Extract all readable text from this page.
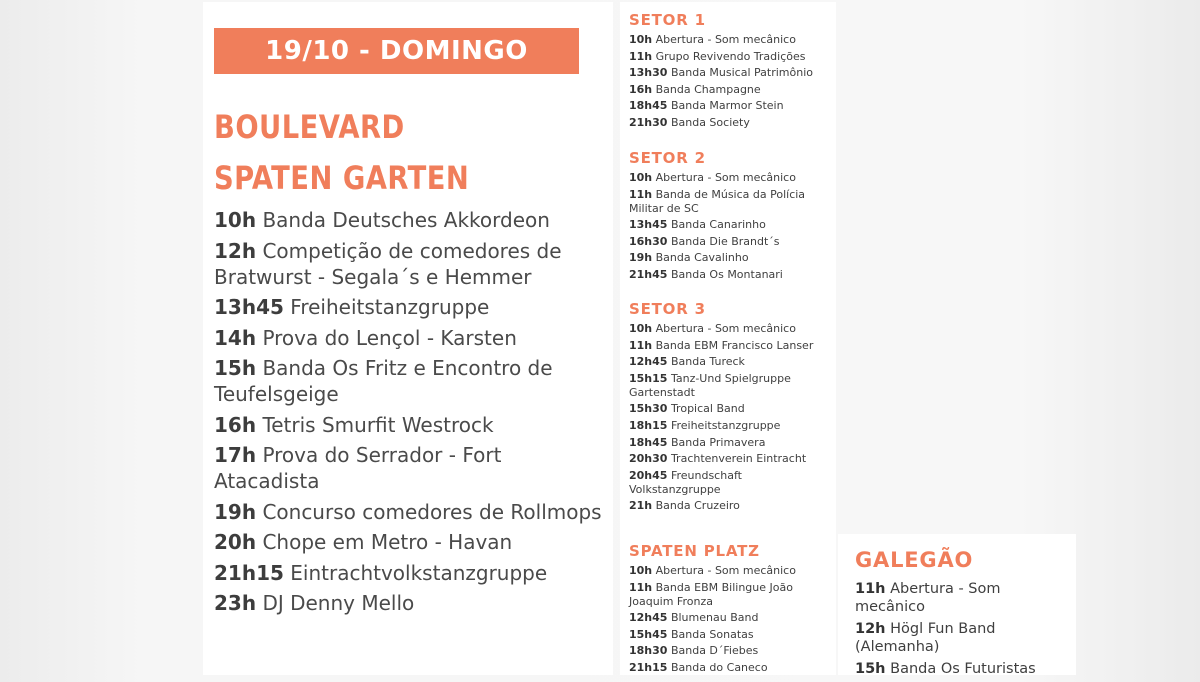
19/10 - DOMINGO
BOULEVARD
SPATEN GARTEN
10h Banda Deutsches Akkordeon
12h Competição de comedores de Bratwurst - Segala´s e Hemmer
13h45 Freiheitstanzgruppe
14h Prova do Lençol - Karsten
15h Banda Os Fritz e Encontro de Teufelsgeige
16h Tetris Smurfit Westrock
17h Prova do Serrador - Fort Atacadista
19h Concurso comedores de Rollmops
20h Chope em Metro - Havan
21h15 Eintrachtvolkstanzgruppe
23h DJ Denny Mello
SETOR 1
10h Abertura - Som mecânico
11h Grupo Revivendo Tradições
13h30 Banda Musical Patrimônio
16h Banda Champagne
18h45 Banda Marmor Stein
21h30 Banda Society
SETOR 2
10h Abertura - Som mecânico
11h Banda de Música da Polícia Militar de SC
13h45 Banda Canarinho
16h30 Banda Die Brandt´s
19h Banda Cavalinho
21h45 Banda Os Montanari
SETOR 3
10h Abertura - Som mecânico
11h Banda EBM Francisco Lanser
12h45 Banda Tureck
15h15 Tanz-Und Spielgruppe Gartenstadt
15h30 Tropical Band
18h15 Freiheitstanzgruppe
18h45 Banda Primavera
20h30 Trachtenverein Eintracht
20h45 Freundschaft Volkstanzgruppe
21h Banda Cruzeiro
SPATEN PLATZ
10h Abertura - Som mecânico
11h Banda EBM Bilingue João Joaquim Fronza
12h45 Blumenau Band
15h45 Banda Sonatas
18h30 Banda D´Fiebes
21h15 Banda do Caneco
GALEGÃO
11h Abertura - Som mecânico
12h Högl Fun Band (Alemanha)
15h Banda Os Futuristas
